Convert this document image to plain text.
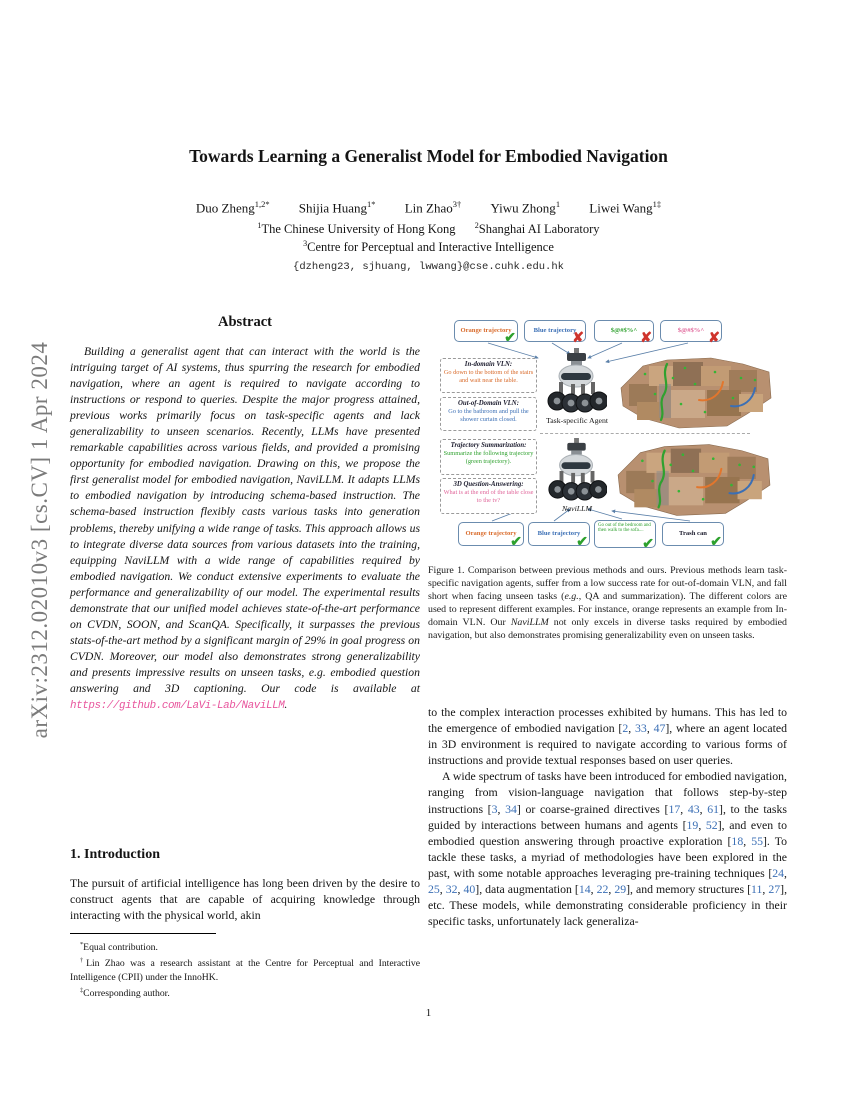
arXiv:2312.02010v3 [cs.CV] 1 Apr 2024
Towards Learning a Generalist Model for Embodied Navigation
Duo Zheng$^{1,2*}$ Shijia Huang$^{1*}$ Lin Zhao$^{3\dagger}$ Yiwu Zhong$^1$ Liwei Wang$^{1\ddagger}$
$^1$The Chinese University of Hong Kong $^2$Shanghai AI Laboratory
$^3$Centre for Perceptual and Interactive Intelligence
{dzheng23, sjhuang, lwwang}@cse.cuhk.edu.hk
Abstract
Building a generalist agent that can interact with the world is the intriguing target of AI systems, thus spurring the research for embodied navigation, where an agent is required to navigate according to instructions or respond to queries. Despite the major progress attained, previous works primarily focus on task-specific agents and lack generalizability to unseen scenarios. Recently, LLMs have presented remarkable capabilities across various fields, and provided a promising opportunity for embodied navigation. Drawing on this, we propose the first generalist model for embodied navigation, NaviLLM. It adapts LLMs to embodied navigation by introducing schema-based instruction. The schema-based instruction flexibly casts various tasks into generation problems, thereby unifying a wide range of tasks. This approach allows us to integrate diverse data sources from various datasets into the training, equipping NaviLLM with a wide range of capabilities required by embodied navigation. We conduct extensive experiments to evaluate the performance and generalizability of our model. The experimental results demonstrate that our unified model achieves state-of-the-art performance on CVDN, SOON, and ScanQA. Specifically, it surpasses the previous stats-of-the-art method by a significant margin of 29% in goal progress on CVDN. Moreover, our model also demonstrates strong generalizability and presents impressive results on unseen tasks, e.g. embodied question answering and 3D captioning. Our code is available at https://github.com/LaVi-Lab/NaviLLM.
1. Introduction
The pursuit of artificial intelligence has long been driven by the desire to construct agents that are capable of acquiring knowledge through interacting with the physical world, akin

*Equal contribution.

†Lin Zhao was a research assistant at the Centre for Perceptual and Interactive Intelligence (CPII) under the InnoHK.

‡Corresponding author.

1
Orange trajectory
✔
Blue trajectory
✘
$@#$%^
✘
$@#$%^
✘
In-domain VLN:
Go down to the bottom of the stairs and wait near the table.
Out-of-Domain VLN:
Go to the bathroom and pull the shower curtain closed.
Trajectory Summarization:
Summarize the following trajectory (green trajectory).
3D Question-Answering:
What is at the end of the table close to the tv?
Task-specific Agent
NaviLLM
Orange trajectory
✔
Blue trajectory
✔
Go out of the bedroom and then walk to the sofa....
✔
Trash can
✔
Figure 1. Comparison between previous methods and ours. Previous methods learn task-specific navigation agents, suffer from a low success rate for out-of-domain VLN, and fall short when facing unseen tasks (e.g., QA and summarization). The different colors are used to represent different examples. For instance, orange represents an example from In-domain VLN. Our NaviLLM not only excels in diverse tasks required by embodied navigation, but also demonstrates promising generalizability even on unseen tasks.

to the complex interaction processes exhibited by humans. This has led to the emergence of embodied navigation [2, 33, 47], where an agent located in 3D environment is required to navigate according to various forms of instructions and provide textual responses based on user queries.

A wide spectrum of tasks have been introduced for embodied navigation, ranging from vision-language navigation that follows step-by-step instructions [3, 34] or coarse-grained directives [17, 43, 61], to the tasks guided by interactions between humans and agents [19, 52], and even to embodied question answering through proactive exploration [18, 55]. To tackle these tasks, a myriad of methodologies have been explored in the past, with some notable approaches leveraging pre-training techniques [24, 25, 32, 40], data augmentation [14, 22, 29], and memory structures [11, 27], etc. These models, while demonstrating considerable proficiency in their specific tasks, unfortunately lack generaliza-
